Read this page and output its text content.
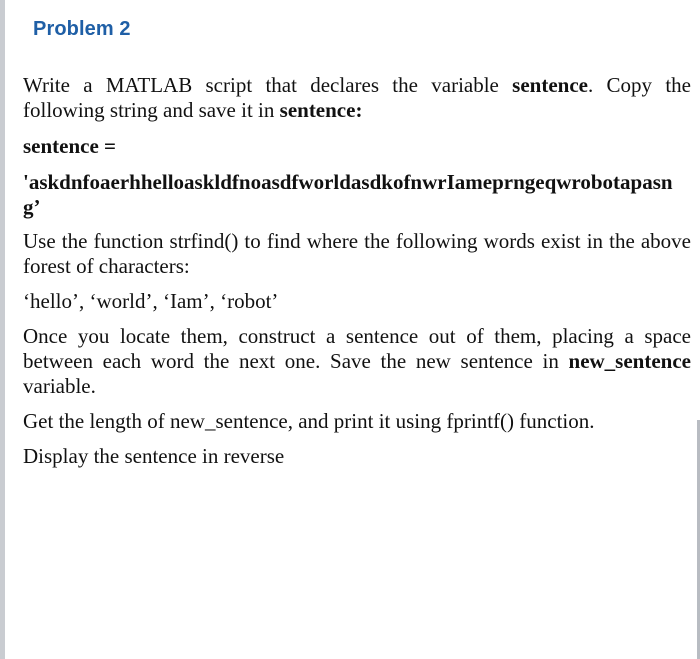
Problem 2

Write a MATLAB script that declares the variable sentence. Copy the following string and save it in sentence:

sentence =

'askdnfoaerhhelloaskldfnoasdfworldasdkofnwrIameprngeqwrobotapasng’

Use the function strfind() to find where the following words exist in the above forest of characters:

‘hello’, ‘world’, ‘Iam’, ‘robot’

Once you locate them, construct a sentence out of them, placing a space between each word the next one. Save the new sentence in new_sentence variable.

Get the length of new_sentence, and print it using fprintf() function.

Display the sentence in reverse
